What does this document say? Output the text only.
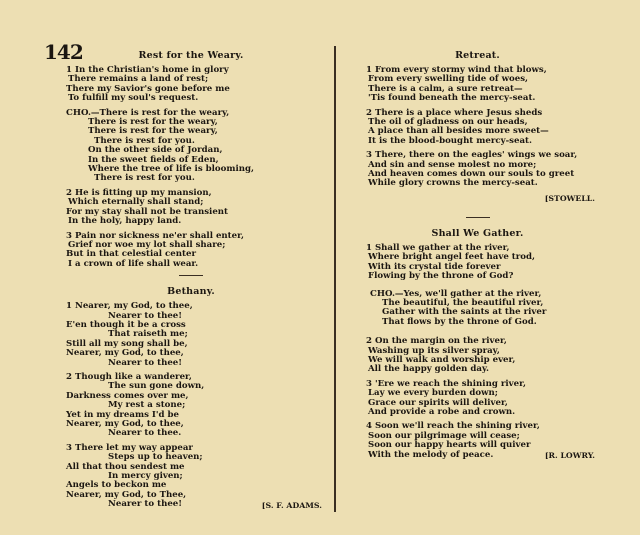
142	Rest for the Weary.
1 In the Christian's home in glory
There remains a land of rest;
There my Savior's gone before me
To fulfill my soul's request.
CHO.—There is rest for the weary,
There is rest for the weary,
There is rest for the weary,
There is rest for you.
On the other side of Jordan,
In the sweet fields of Eden,
Where the tree of life is blooming,
There is rest for you.
2 He is fitting up my mansion,
Which eternally shall stand;
For my stay shall not be transient
In the holy, happy land.
3 Pain nor sickness ne'er shall enter,
Grief nor woe my lot shall share;
But in that celestial center
I a crown of life shall wear.
Bethany.
1 Nearer, my God, to thee,
Nearer to thee!
E'en though it be a cross
That raiseth me;
Still all my song shall be,
Nearer, my God, to thee,
Nearer to thee!
2 Though like a wanderer,
The sun gone down,
Darkness comes over me,
My rest a stone;
Yet in my dreams I'd be
Nearer, my God, to thee,
Nearer to thee.
3 There let my way appear
Steps up to heaven;
All that thou sendest me
In mercy given;
Angels to beckon me
Nearer, my God, to Thee,
Nearer to thee!	[S. F. ADAMS.
Retreat.
1 From every stormy wind that blows,
From every swelling tide of woes,
There is a calm, a sure retreat—
'Tis found beneath the mercy-seat.
2 There is a place where Jesus sheds
The oil of gladness on our heads,
A place than all besides more sweet—
It is the blood-bought mercy-seat.
3 There, there on the eagles' wings we soar,
And sin and sense molest no more;
And heaven comes down our souls to greet
While glory crowns the mercy-seat.
[STOWELL.
Shall We Gather.
1 Shall we gather at the river,
Where bright angel feet have trod,
With its crystal tide forever
Flowing by the throne of God?
CHO.—Yes, we'll gather at the river,
The beautiful, the beautiful river,
Gather with the saints at the river
That flows by the throne of God.
2 On the margin on the river,
Washing up its silver spray,
We will walk and worship ever,
All the happy golden day.
3 'Ere we reach the shining river,
Lay we every burden down;
Grace our spirits will deliver,
And provide a robe and crown.
4 Soon we'll reach the shining river,
Soon our pilgrimage will cease;
Soon our happy hearts will quiver
With the melody of peace.	[R. LOWRY.
